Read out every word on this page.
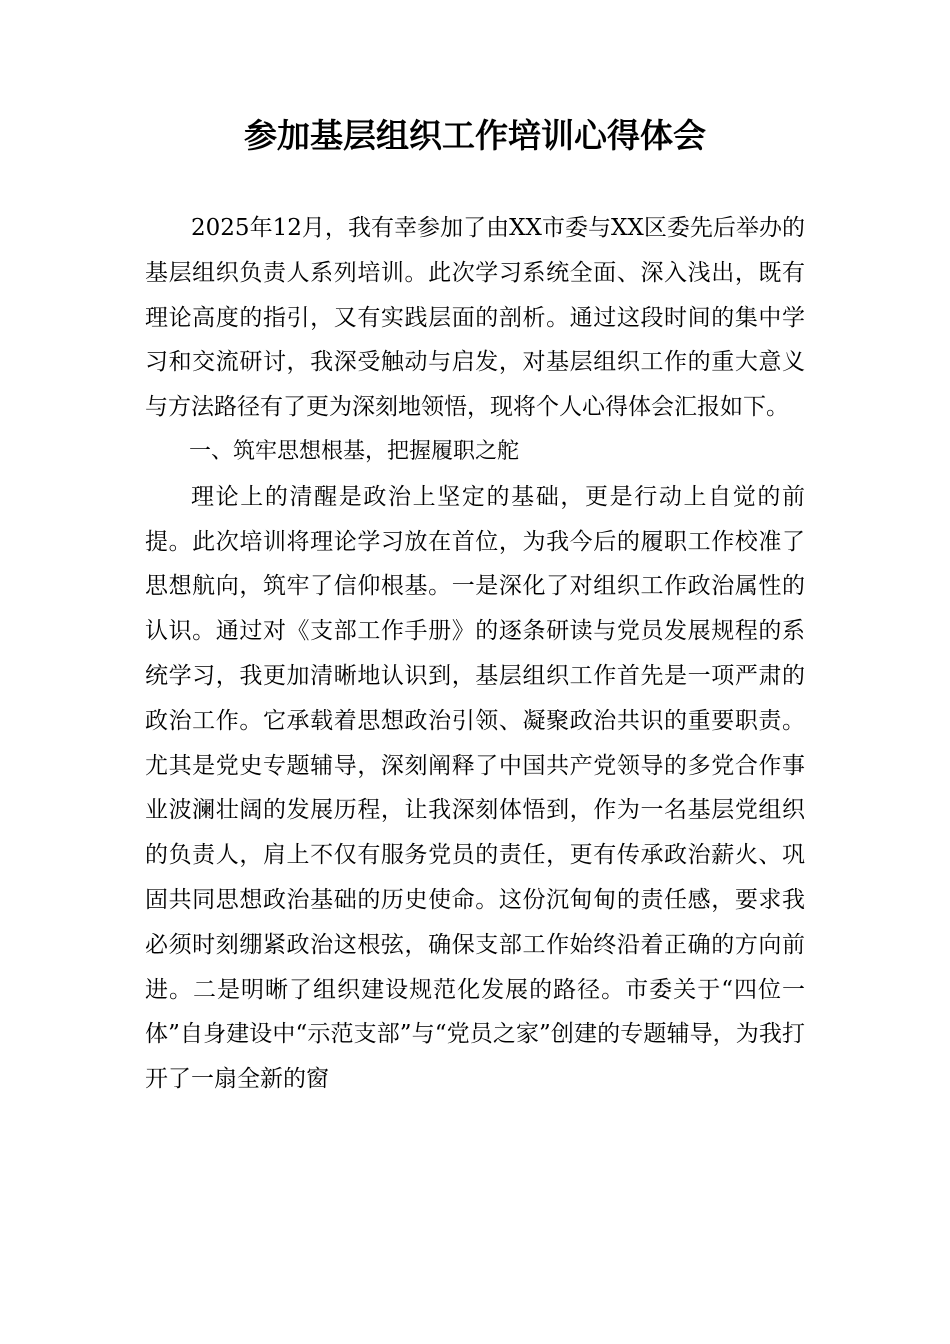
参加基层组织工作培训心得体会

2025年12月，我有幸参加了由XX市委与XX区委先后举办的基层组织负责人系列培训。此次学习系统全面、深入浅出，既有理论高度的指引，又有实践层面的剖析。通过这段时间的集中学习和交流研讨，我深受触动与启发，对基层组织工作的重大意义与方法路径有了更为深刻地领悟，现将个人心得体会汇报如下。

一、筑牢思想根基，把握履职之舵

理论上的清醒是政治上坚定的基础，更是行动上自觉的前提。此次培训将理论学习放在首位，为我今后的履职工作校准了思想航向，筑牢了信仰根基。一是深化了对组织工作政治属性的认识。通过对《支部工作手册》的逐条研读与党员发展规程的系统学习，我更加清晰地认识到，基层组织工作首先是一项严肃的政治工作。它承载着思想政治引领、凝聚政治共识的重要职责。尤其是党史专题辅导，深刻阐释了中国共产党领导的多党合作事业波澜壮阔的发展历程，让我深刻体悟到，作为一名基层党组织的负责人，肩上不仅有服务党员的责任，更有传承政治薪火、巩固共同思想政治基础的历史使命。这份沉甸甸的责任感，要求我必须时刻绷紧政治这根弦，确保支部工作始终沿着正确的方向前进。二是明晰了组织建设规范化发展的路径。市委关于“四位一体”自身建设中“示范支部”与“党员之家”创建的专题辅导，为我打开了一扇全新的窗
